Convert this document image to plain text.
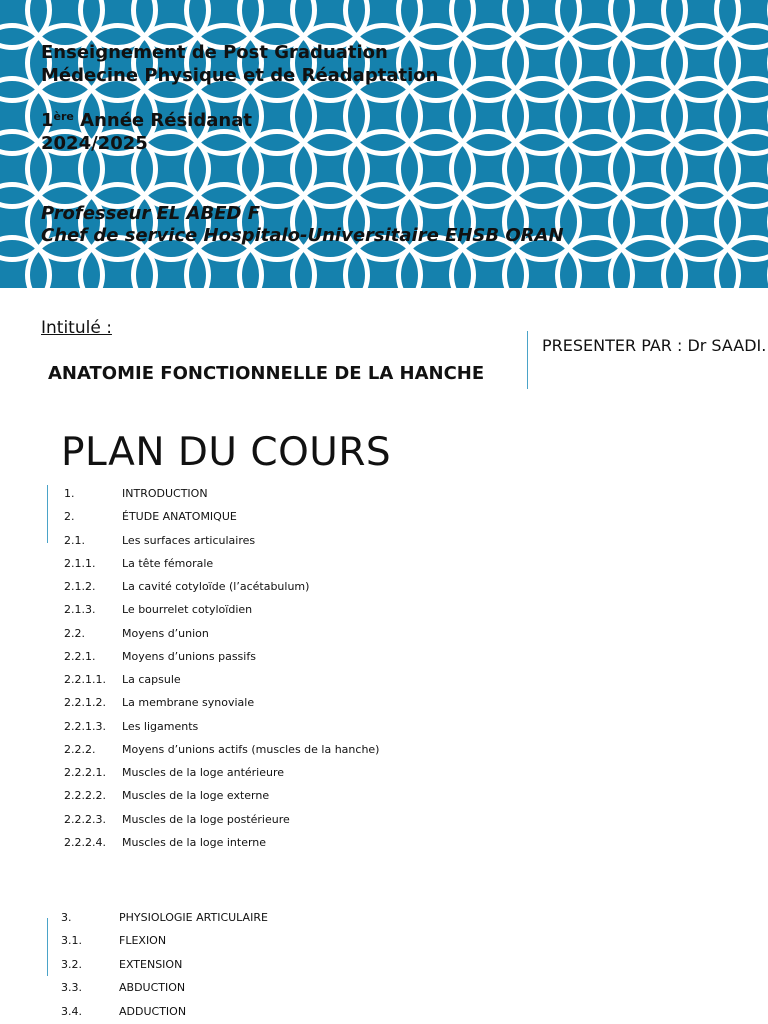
Enseignement de Post Graduation
Médecine Physique et de Réadaptation
1ère Année Résidanat
2024/2025
Professeur EL ABED F
Chef de service Hospitalo-Universitaire EHSB ORAN
Intitulé :
ANATOMIE FONCTIONNELLE DE LA HANCHE
PRESENTER PAR : Dr SAADI.
PLAN DU COURS
1.	INTRODUCTION
2.	ÉTUDE ANATOMIQUE
2.1.	Les surfaces articulaires
2.1.1. La tête fémorale
2.1.2. La cavité cotyloïde (l’acétabulum)
2.1.3. Le bourrelet cotyloïdien
2.2.	Moyens d’union
2.2.1. Moyens d’unions passifs
2.2.1.1. La capsule
2.2.1.2. La membrane synoviale
2.2.1.3. Les ligaments
2.2.2. Moyens d’unions actifs (muscles de la hanche)
2.2.2.1. Muscles de la loge antérieure
2.2.2.2. Muscles de la loge externe
2.2.2.3. Muscles de la loge postérieure
2.2.2.4. Muscles de la loge interne
3.	PHYSIOLOGIE ARTICULAIRE
3.1.	FLEXION
3.2.	EXTENSION
3.3.	ABDUCTION
3.4.	ADDUCTION
